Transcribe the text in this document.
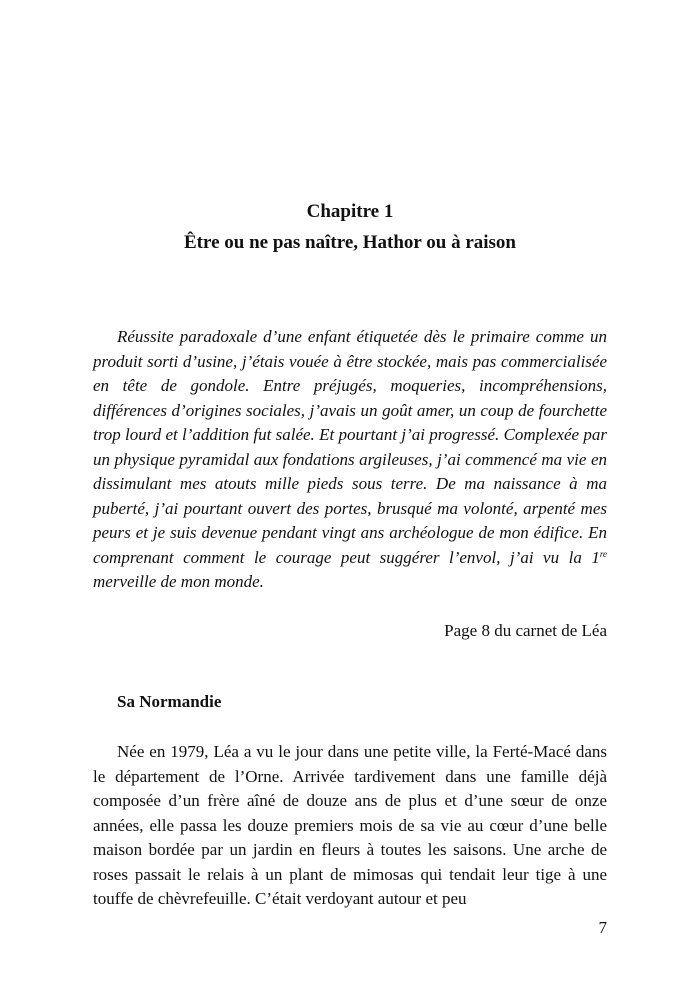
Chapitre 1
Être ou ne pas naître, Hathor ou à raison

Réussite paradoxale d’une enfant étiquetée dès le primaire comme un produit sorti d’usine, j’étais vouée à être stockée, mais pas commercialisée en tête de gondole. Entre préjugés, moqueries, incompréhensions, différences d’origines sociales, j’avais un goût amer, un coup de fourchette trop lourd et l’addition fut salée. Et pourtant j’ai progressé. Complexée par un physique pyramidal aux fondations argileuses, j’ai commencé ma vie en dissimulant mes atouts mille pieds sous terre. De ma naissance à ma puberté, j’ai pourtant ouvert des portes, brusqué ma volonté, arpenté mes peurs et je suis devenue pendant vingt ans archéologue de mon édifice. En comprenant comment le courage peut suggérer l’envol, j’ai vu la 1re merveille de mon monde.

Page 8 du carnet de Léa
Sa Normandie

Née en 1979, Léa a vu le jour dans une petite ville, la Ferté-Macé dans le département de l’Orne. Arrivée tardivement dans une famille déjà composée d’un frère aîné de douze ans de plus et d’une sœur de onze années, elle passa les douze premiers mois de sa vie au cœur d’une belle maison bordée par un jardin en fleurs à toutes les saisons. Une arche de roses passait le relais à un plant de mimosas qui tendait leur tige à une touffe de chèvrefeuille. C’était verdoyant autour et peu

7
